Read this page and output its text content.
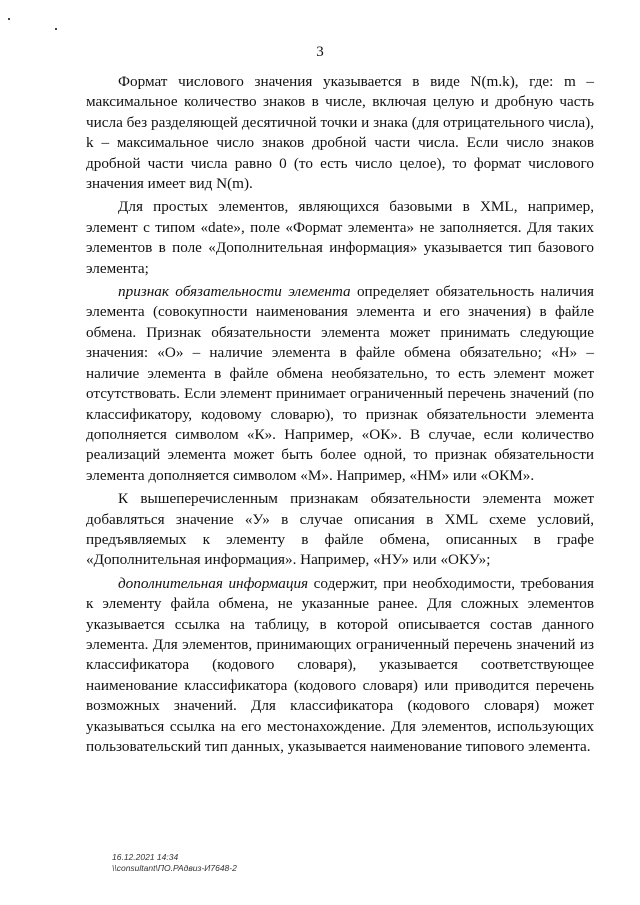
3

Формат числового значения указывается в виде N(m.k), где: m – максимальное количество знаков в числе, включая целую и дробную часть числа без разделяющей десятичной точки и знака (для отрицательного числа), k – максимальное число знаков дробной части числа. Если число знаков дробной части числа равно 0 (то есть число целое), то формат числового значения имеет вид N(m).

Для простых элементов, являющихся базовыми в XML, например, элемент с типом «date», поле «Формат элемента» не заполняется. Для таких элементов в поле «Дополнительная информация» указывается тип базового элемента;

признак обязательности элемента определяет обязательность наличия элемента (совокупности наименования элемента и его значения) в файле обмена. Признак обязательности элемента может принимать следующие значения: «О» – наличие элемента в файле обмена обязательно; «Н» – наличие элемента в файле обмена необязательно, то есть элемент может отсутствовать. Если элемент принимает ограниченный перечень значений (по классификатору, кодовому словарю), то признак обязательности элемента дополняется символом «К». Например, «ОК». В случае, если количество реализаций элемента может быть более одной, то признак обязательности элемента дополняется символом «М». Например, «НМ» или «ОКМ».

К вышеперечисленным признакам обязательности элемента может добавляться значение «У» в случае описания в XML схеме условий, предъявляемых к элементу в файле обмена, описанных в графе «Дополнительная информация». Например, «НУ» или «ОКУ»;

дополнительная информация содержит, при необходимости, требования к элементу файла обмена, не указанные ранее. Для сложных элементов указывается ссылка на таблицу, в которой описывается состав данного элемента. Для элементов, принимающих ограниченный перечень значений из классификатора (кодового словаря), указывается соответствующее наименование классификатора (кодового словаря) или приводится перечень возможных значений. Для классификатора (кодового словаря) может указываться ссылка на его местонахождение. Для элементов, использующих пользовательский тип данных, указывается наименование типового элемента.

16.12.2021 14:34
\\consultant\ПО.РАдвиз-И7648-2
